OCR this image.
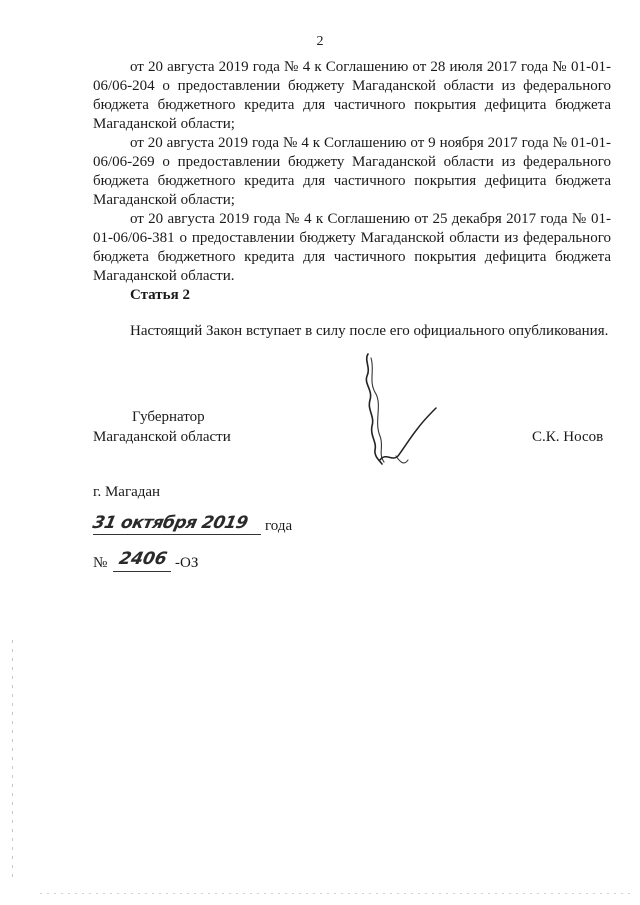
2

от 20 августа 2019 года № 4 к Соглашению от 28 июля 2017 года № 01-01-06/06-204 о предоставлении бюджету Магаданской области из федерального бюджета бюджетного кредита для частичного покрытия дефицита бюджета Магаданской области;

от 20 августа 2019 года № 4 к Соглашению от 9 ноября 2017 года № 01-01-06/06-269 о предоставлении бюджету Магаданской области из федерального бюджета бюджетного кредита для частичного покрытия дефицита бюджета Магаданской области;

от 20 августа 2019 года № 4 к Соглашению от 25 декабря 2017 года № 01-01-06/06-381 о предоставлении бюджету Магаданской области из федерального бюджета бюджетного кредита для частичного покрытия дефицита бюджета Магаданской области.

Статья 2

Настоящий Закон вступает в силу после его официального опубликования.

Губернатор
Магаданской области	С.К. Носов
г. Магадан
31 октября 2019	года
№ 2406 -ОЗ
